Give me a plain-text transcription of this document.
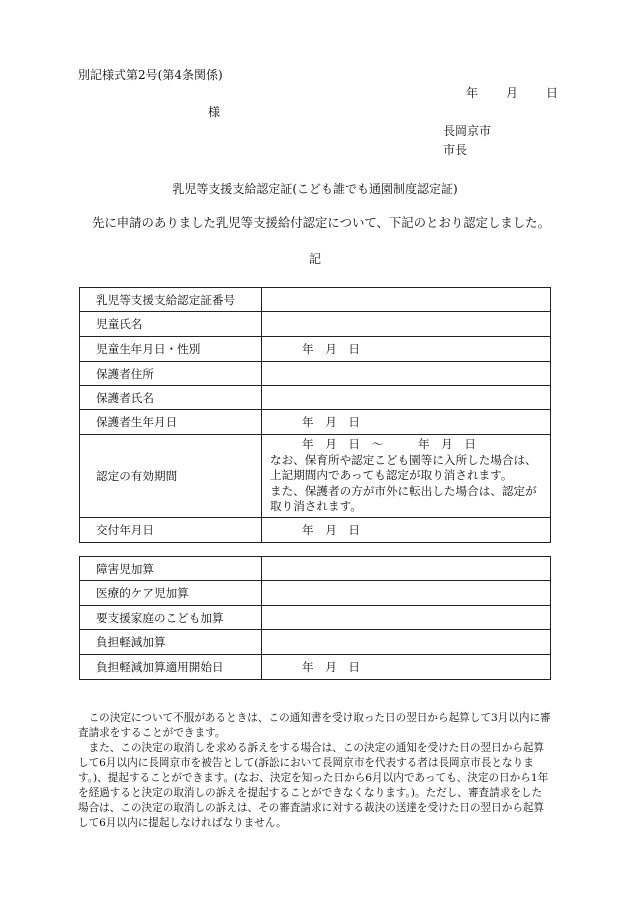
別記様式第2号(第4条関係)
年 月 日
様
長岡京市
市長
乳児等支援支給認定証(こども誰でも通園制度認定証)
先に申請のありました乳児等支援給付認定について、下記のとおり認定しました。
記
乳児等支援支給認定証番号	
児童氏名	
児童生年月日・性別	年　月　日
保護者住所	
保護者氏名	
保護者生年月日	年　月　日
認定の有効期間	年　月　日　～　　　年　月　日
なお、保育所や認定こども園等に入所した場合は、上記期間内であっても認定が取り消されます。
また、保護者の方が市外に転出した場合は、認定が取り消されます。

交付年月日	年　月　日
障害児加算	
医療的ケア児加算	
要支援家庭のこども加算	
負担軽減加算	
負担軽減加算適用開始日	年　月　日

この決定について不服があるときは、この通知書を受け取った日の翌日から起算して3月以内に審査請求をすることができます。

また、この決定の取消しを求める訴えをする場合は、この決定の通知を受けた日の翌日から起算して6月以内に長岡京市を被告として(訴訟において長岡京市を代表する者は長岡京市長となります。)、提起することができます。(なお、決定を知った日から6月以内であっても、決定の日から1年を経過すると決定の取消しの訴えを提起することができなくなります。)。ただし、審査請求をした場合は、この決定の取消しの訴えは、その審査請求に対する裁決の送達を受けた日の翌日から起算して6月以内に提起しなければなりません。
